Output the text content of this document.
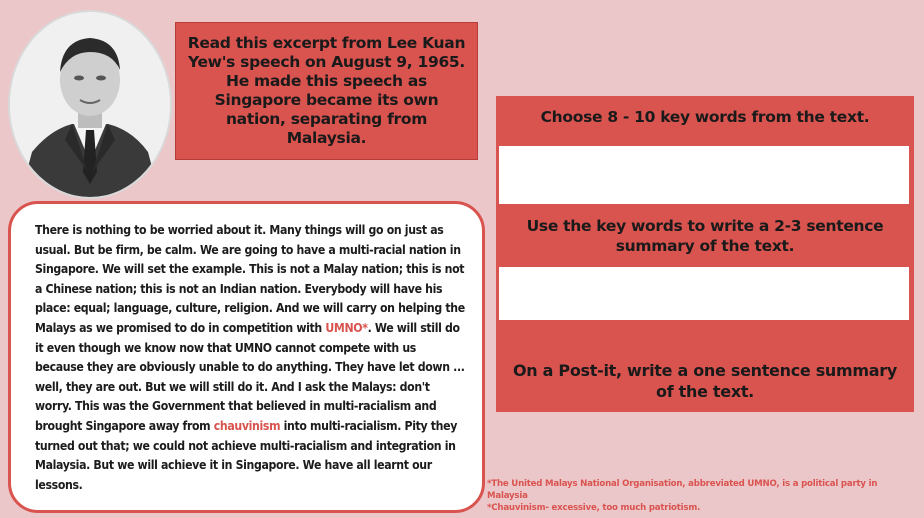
Read this excerpt from Lee Kuan Yew's speech on August 9, 1965. He made this speech as Singapore became its own nation, separating from Malaysia.

There is nothing to be worried about it. Many things will go on just as usual. But be firm, be calm. We are going to have a multi-racial nation in Singapore. We will set the example. This is not a Malay nation; this is not a Chinese nation; this is not an Indian nation. Everybody will have his place: equal; language, culture, religion. And we will carry on helping the Malays as we promised to do in competition with UMNO*. We will still do it even though we know now that UMNO cannot compete with us because they are obviously unable to do anything. They have let down ... well, they are out. But we will still do it. And I ask the Malays: don't worry. This was the Government that believed in multi-racialism and brought Singapore away from chauvinism into multi-racialism. Pity they turned out that; we could not achieve multi-racialism and integration in Malaysia. But we will achieve it in Singapore. We have all learnt our lessons.

Choose 8 - 10 key words from the text.
Use the key words to write a 2-3 sentence summary of the text.
On a Post-it, write a one sentence summary of the text.
*The United Malays National Organisation, abbreviated UMNO, is a political party in Malaysia
*Chauvinism- excessive, too much patriotism.
